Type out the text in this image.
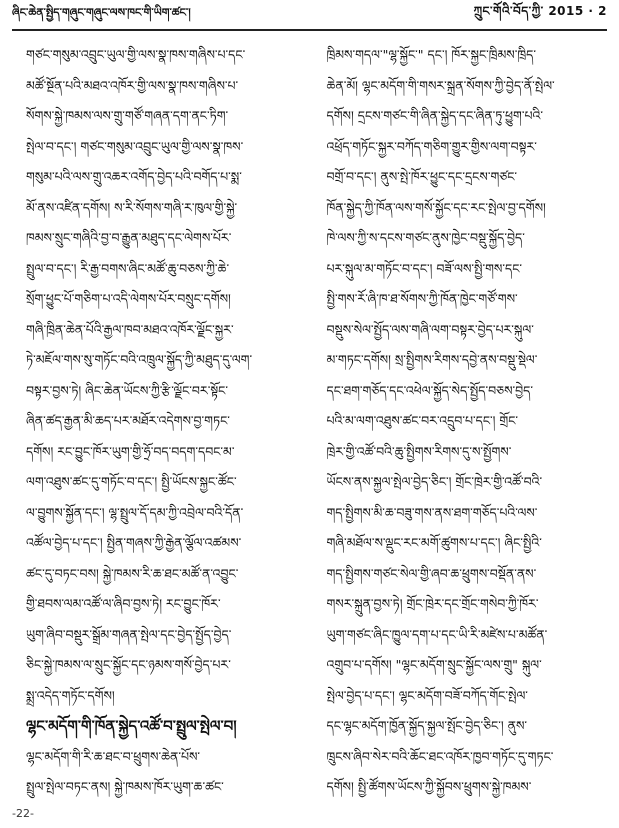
ཞིང་ཆེན་སྤྱིད་གཞུང་གཞུང་ལས་ཁང་གི་ཡིག་ཚང་།	ཀྲུང་གོའི་བོད་ཀྱི་ 2015 · 2
གཙང་གསུམ་འབྲུང་ཡུལ་གྱི་ལས་སྣ་ཁས་གཞིས་པ་དང་
མཚོ་སྔོན་པའི་མཐའ་འཁོར་གྱི་ལས་སྣ་ཁས་གཞིས་པ་
སོགས་སྐྱེ་ཁམས་ལས་གྲུ་གཙོ་གཞན་དག་ནང་ཏིག་
སྤེལ་བ་དང་། གཙང་གསུམ་འབྲུང་ཡུལ་གྱི་ལས་སྣ་ཁས་
གསུམ་པའི་ལས་གྲུ་འཆར་འགོད་བྱེད་པའི་བགོད་པ་སྨ་
མོ་ནས་འཛིན་དགོས། ས་རི་སོགས་གཞི་ར་ཁུལ་གྱི་སྐྱེ་
ཁམས་སྲུང་གཞིའི་བྱ་བ་རྒྱུན་མཐུད་དང་ལེགས་པོར་
སྤྲུལ་བ་དང་། རི་རྒྱ་བགས་ཞིང་མཚོ་ཆུ་བཅས་ཀྱི་ཆེ་
སྲོག་ཕྱུང་པོ་གཅིག་པ་འདི་ལེགས་པོར་བསྲུང་དགོས།
གཞི་ཁྲིན་ཆེན་པོའི་རྒྱལ་ཁབ་མཐའ་འཁོར་ལྗོང་སྐྱར་
ཏེ་མཇོལ་གས་སུ་གཏོང་བའི་འཁྲུལ་སྐྱོད་ཀྱི་མཐུད་དུ་ལག་
བསྟར་བྱས་ཏེ། ཞིང་ཆེན་ཡོངས་ཀྱི་རྩི་ལྗོང་བར་སྟོང་
ཞིན་ཚད་རྒྱན་མི་ཆད་པར་མཐོར་འདེགས་བྱ་གཏང་
དགོས། རང་བྱུང་ཁོར་ཡུག་གྱི་ཧྲོ་བད་བདག་དབང་མ་
ལག་འཐུས་ཚང་དུ་གཏོང་བ་དང་། སྤྱི་ཡོངས་སྐྱང་ཚོང་
ལ་བྱུགས་སྐྱོན་དང་། ལྷ་སྤྲུལ་དོ་དམ་ཀྱི་འབྲེལ་བའི་དོན་
འཚོལ་བྱེད་པ་དང་། སྤྱིན་གཞས་ཀྱི་རྒྱེན་ལྕོལ་འཚམས་
ཚང་དུ་བཏང་བས། སྐྱེ་ཁམས་རི་ཆ་ཐང་མཚོ་ན་འབྱུང་
གྱི་ཐབས་ལམ་འཚོ་ལ་ཞིབ་བྱས་ཏེ། རང་བྱུང་ཁོར་
ཡུག་ཞིབ་བསྡུར་སྒྲོམ་གཞན་སྤེལ་དང་བྱེད་སྤྱོད་བྱེད་
ཅིང་སྐྱེ་ཁམས་ལ་སྲུང་སྐྱོང་དང་ཉམས་གསོ་བྱེད་པར་
སྨྲ་འདེད་གཏོང་དགོས།
ལྷང་མདོག་གི་ཁོན་སྐྱེད་འཚོ་བ་སྤྲུལ་སྤེལ་བ།
ལྷང་མདོག་གི་རི་ཆ་ཐང་བ་ཕྲུགས་ཆེན་པོས་
སྤྲུལ་སྤེལ་བཏང་ནས། སྐྱེ་ཁམས་ཁོར་ཡུག་ཆ་ཚང་
ཁྲིམས་གདལ་"ལྷ་སྐྱོང་" དང་། ཁོར་སྐྱང་ཁྲིམས་ཁྲིད་
ཆེན་མོ། ལྷང་མདོག་གི་གསར་སྐྲན་སོགས་ཀྱི་བྱེད་ནོ་སྤེལ་
དགོས། དྲངས་གཙང་གི་ཞིན་སྐྱེད་དང་ཞིན་ཏུ་ཕྱུག་པའི་
འཕྲོད་གཏོང་སྐྱར་བཀོད་གཅིག་གྱུར་གྱིས་ལག་བསྟར་
བགྲོ་བ་དང་། ནུས་སྤེ་ཁོར་ཕྱུང་དང་དྲངས་གཙང་
ཁོན་སྐྱེད་ཀྱི་ཁོན་ལས་གསོ་སྐྱོང་དང་རང་སྤེལ་བྱ་དགོས།
ཁེ་ལས་ཀྱི་ས་དངས་གཙང་ནུས་ཁྱེང་བསྡུ་སྐྱོད་བྱེད་
པར་སྐུལ་མ་གཏོང་བ་དང་། བཟོ་ལས་སྤྱི་གས་དང་
སྤྱི་གས་རོ་ཞི་ཁ་ཐ་སོགས་ཀྱི་ཁོན་ཁྱེང་གཙོ་གས་
བསྡུས་སེལ་སྤྱོད་ལས་གཞི་ལག་བསྟར་བྱེད་པར་སྐུལ་
མ་གཏང་དགོས། སྲ་སྤྱིགས་རིགས་དབྱེ་ནས་བསྡུ་སྡེལ་
དང་ཐག་གཅོད་དང་འཕེལ་སྐྱོད་སེད་སྤྱོད་བཅས་བྱེད་
པའི་མ་ལག་འཐུས་ཚང་བར་འདྲུབ་པ་དང་། གྲོང་
ཁྲེར་གྱི་འཚོ་བའི་ཆུ་སྤྱིགས་རིགས་དུ་ས་སྤྱོགས་
ཡོངས་ནས་སྐྱལ་སྤེལ་བྱེད་ཅིང་། གྲོང་ཁྲེར་གྱི་འཚོ་བའི་
གད་སྤྱིགས་མི་ཆ་བཟུ་གས་ནས་ཐག་གཅོད་པའི་ལས་
གཞི་མཐོལ་ས་ལྡུང་རང་མགོ་ཚུགས་པ་དང་། ཞིང་སྤྱིའི་
གད་སྤྱིགས་གཙང་སེལ་གྱི་ཞབ་ཆ་ཕྲུགས་བསྡོན་ནས་
གསར་སྐྲུན་བྱས་ཏེ། གྲོང་ཁྲེར་དང་གྲོང་གསེབ་ཀྱི་ཁོར་
ཡུག་གཙང་ཞིང་ཁྱུལ་དག་པ་དང་ཡི་རི་མཛེས་པ་མཚོན་
འགྲུབ་པ་དགོས། "ལྷང་མདོག་སྲུང་སྐྱོང་ལས་གྲུ" སྐུལ་
སྤེལ་བྱེད་པ་དང་། ལྷང་མདོག་བཟོ་བཀོད་གོང་སྤེལ་
དང་ལྷང་མདོག་ཁྱོན་སྐྱོད་སྐྱལ་སྤོང་བྱེད་ཅིང་། ནུས་
ཁྲུངས་ཞིབ་སེར་བའི་ཆོང་ཐང་འཁོར་ཁྱབ་གཏོང་དུ་གཏང་
དགོས། སྤྱི་ཚོགས་ཡོངས་ཀྱི་སྐྱོབས་ཕྲུགས་སྐྱེ་ཁམས་
-22-
